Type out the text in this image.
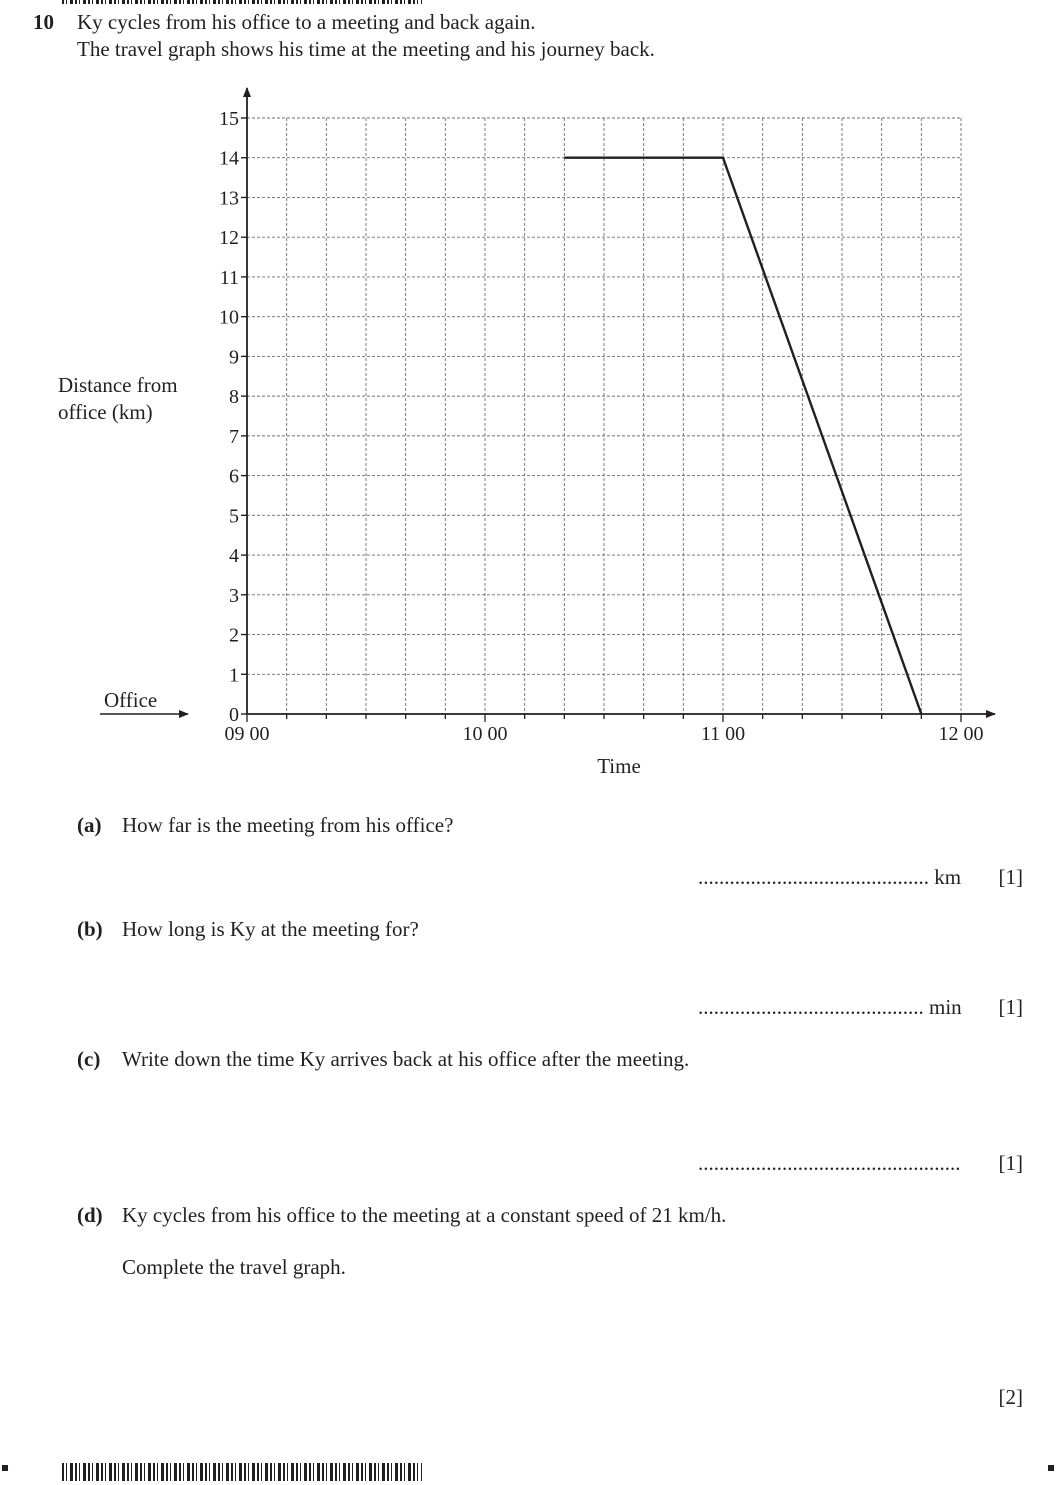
10 Ky cycles from his office to a meeting and back again.
The travel graph shows his time at the meeting and his journey back.
0
1
2
3
4
5
6
7
8
9
10
11
12
13
14
15
09 00	10 00	11 00	12 00
Distance from
office (km)
Time
Office
(a) How far is the meeting from his office?
............................................ km [1]
(b) How long is Ky at the meeting for?
........................................... min [1]
(c) Write down the time Ky arrives back at his office after the meeting.
.................................................. [1]
(d) Ky cycles from his office to the meeting at a constant speed of 21 km/h.
Complete the travel graph.
[2]
